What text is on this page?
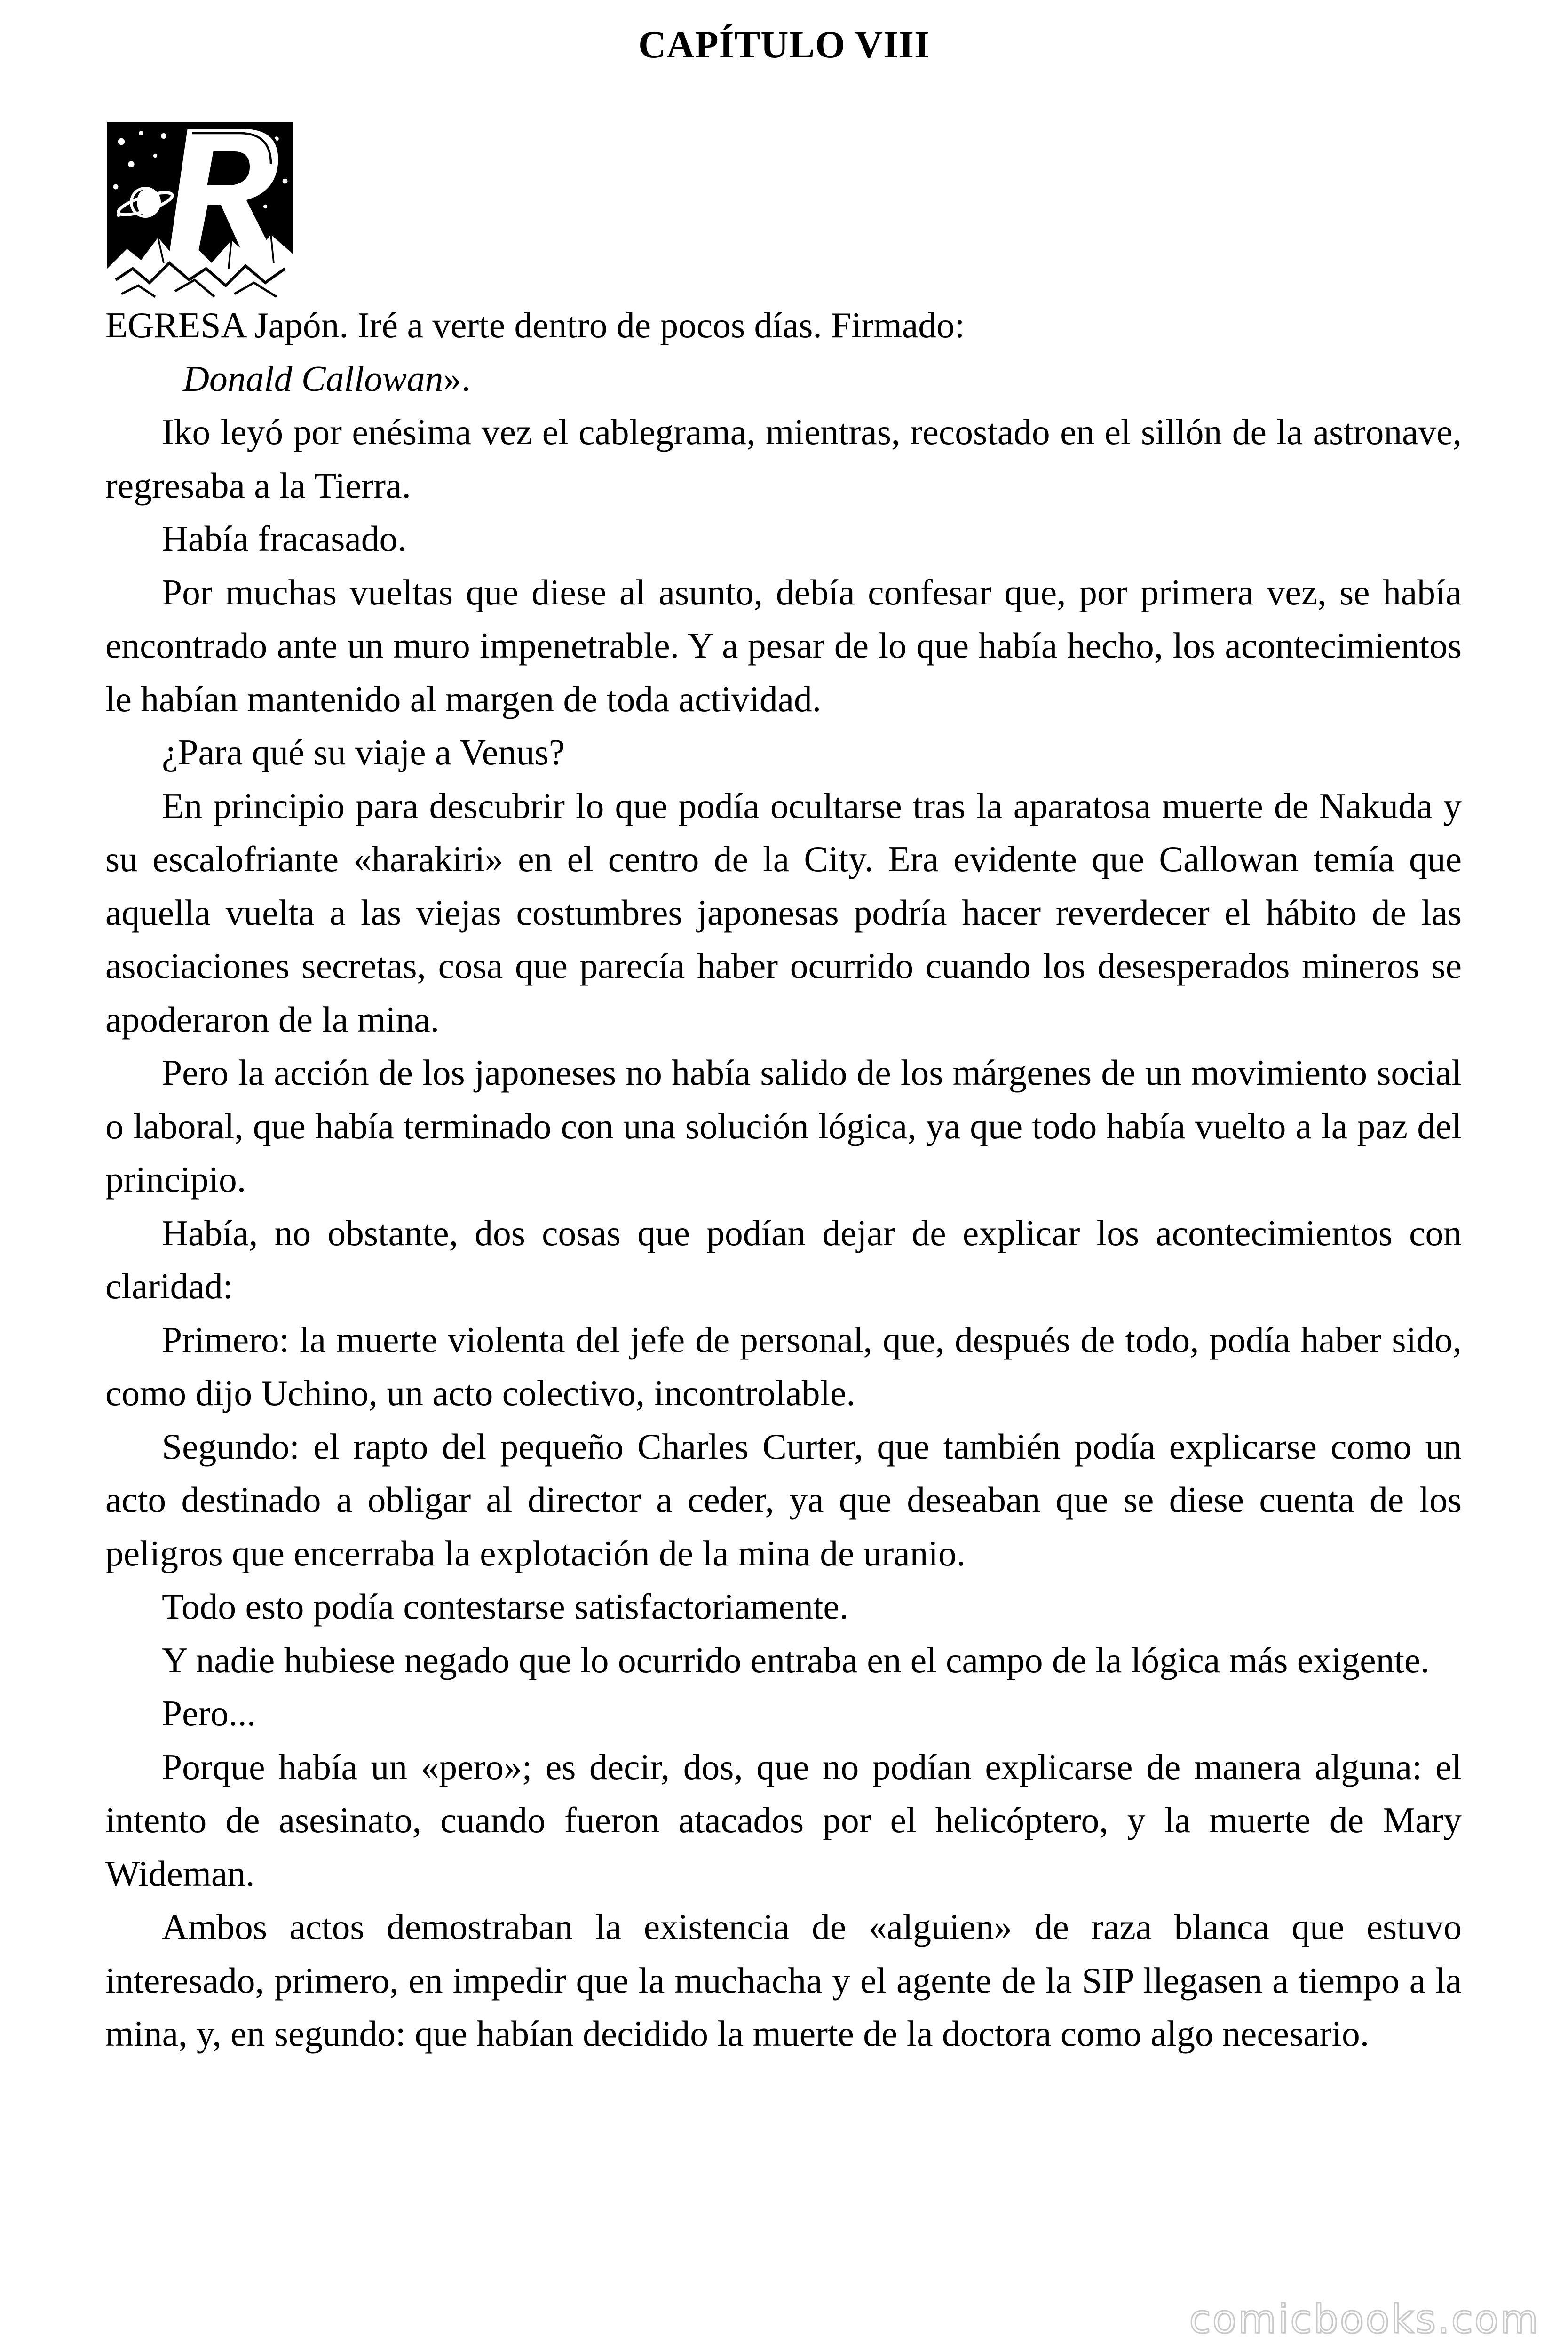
CAPÍTULO VIII

EGRESA Japón. Iré a verte dentro de pocos días. Firmado:

Donald Callowan».

Iko leyó por enésima vez el cablegrama, mientras, recostado en el sillón de la astronave, regresaba a la Tierra.

Había fracasado.

Por muchas vueltas que diese al asunto, debía confesar que, por primera vez, se había encontrado ante un muro impenetrable. Y a pesar de lo que había hecho, los acontecimientos le habían mantenido al margen de toda actividad.

¿Para qué su viaje a Venus?

En principio para descubrir lo que podía ocultarse tras la aparatosa muerte de Nakuda y su escalofriante «harakiri» en el centro de la City. Era evidente que Callowan temía que aquella vuelta a las viejas costumbres japonesas podría hacer reverdecer el hábito de las asociaciones secretas, cosa que parecía haber ocurrido cuando los desesperados mineros se apoderaron de la mina.

Pero la acción de los japoneses no había salido de los márgenes de un movimiento social o laboral, que había terminado con una solución lógica, ya que todo había vuelto a la paz del principio.

Había, no obstante, dos cosas que podían dejar de explicar los acontecimientos con claridad:

Primero: la muerte violenta del jefe de personal, que, después de todo, podía haber sido, como dijo Uchino, un acto colectivo, incontrolable.

Segundo: el rapto del pequeño Charles Curter, que también podía explicarse como un acto destinado a obligar al director a ceder, ya que deseaban que se diese cuenta de los peligros que encerraba la explotación de la mina de uranio.

Todo esto podía contestarse satisfactoriamente.

Y nadie hubiese negado que lo ocurrido entraba en el campo de la lógica más exigente.

Pero...

Porque había un «pero»; es decir, dos, que no podían explicarse de manera alguna: el intento de asesinato, cuando fueron atacados por el helicóptero, y la muerte de Mary Wideman.

Ambos actos demostraban la existencia de «alguien» de raza blanca que estuvo interesado, primero, en impedir que la muchacha y el agente de la SIP llegasen a tiempo a la mina, y, en segundo: que habían decidido la muerte de la doctora como algo necesario.

comicbooks.com
